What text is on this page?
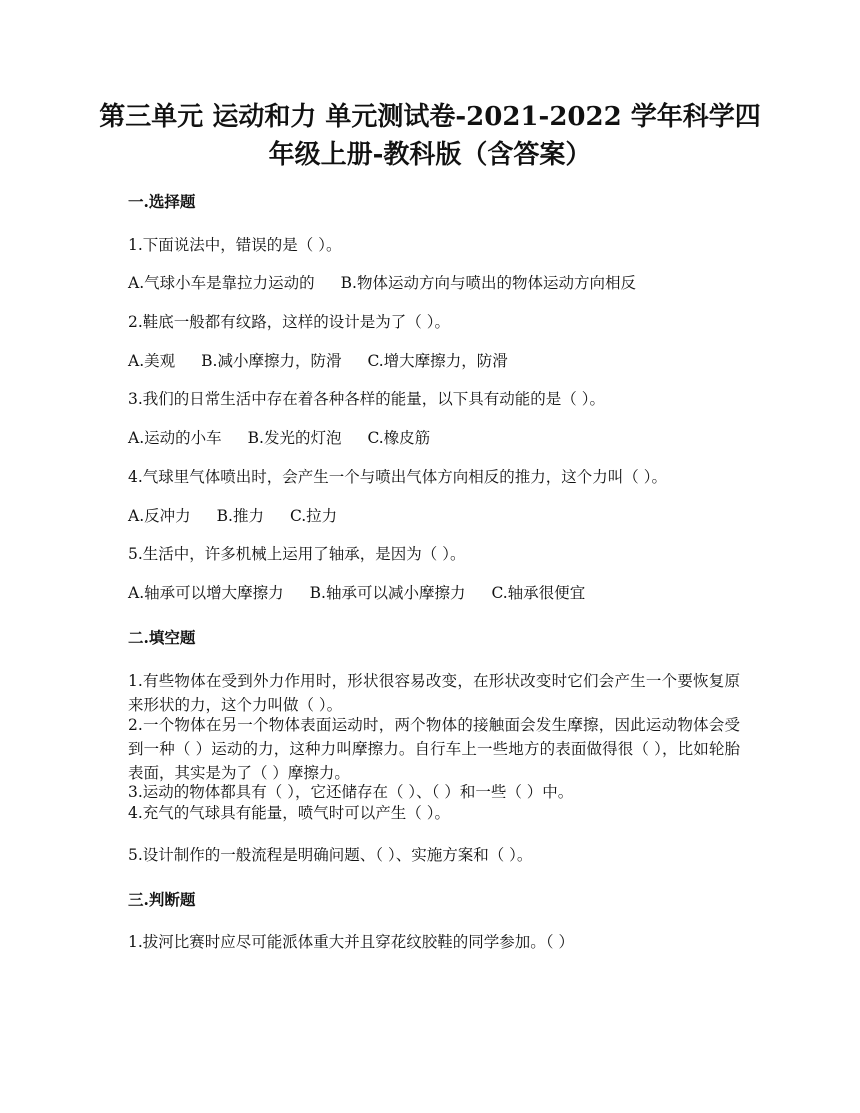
第三单元 运动和力 单元测试卷-2021-2022 学年科学四
年级上册-教科版（含答案）
一.选择题
1.下面说法中，错误的是（ ）。
A.气球小车是靠拉力运动的 B.物体运动方向与喷出的物体运动方向相反
2.鞋底一般都有纹路，这样的设计是为了（ ）。
A.美观 B.减小摩擦力，防滑 C.增大摩擦力，防滑
3.我们的日常生活中存在着各种各样的能量，以下具有动能的是（ ）。
A.运动的小车 B.发光的灯泡 C.橡皮筋
4.气球里气体喷出时，会产生一个与喷出气体方向相反的推力，这个力叫（ ）。
A.反冲力 B.推力 C.拉力
5.生活中，许多机械上运用了轴承，是因为（ ）。
A.轴承可以增大摩擦力 B.轴承可以减小摩擦力 C.轴承很便宜
二.填空题
1.有些物体在受到外力作用时，形状很容易改变，在形状改变时它们会产生一个要恢复原来形状的力，这个力叫做（ ）。
2.一个物体在另一个物体表面运动时，两个物体的接触面会发生摩擦，因此运动物体会受到一种（ ）运动的力，这种力叫摩擦力。自行车上一些地方的表面做得很（ ），比如轮胎表面，其实是为了（ ）摩擦力。
3.运动的物体都具有（ ），它还储存在（ ）、（ ）和一些（ ）中。
4.充气的气球具有能量，喷气时可以产生（ ）。
5.设计制作的一般流程是明确问题、（ ）、实施方案和（ ）。
三.判断题
1.拔河比赛时应尽可能派体重大并且穿花纹胶鞋的同学参加。（ ）
